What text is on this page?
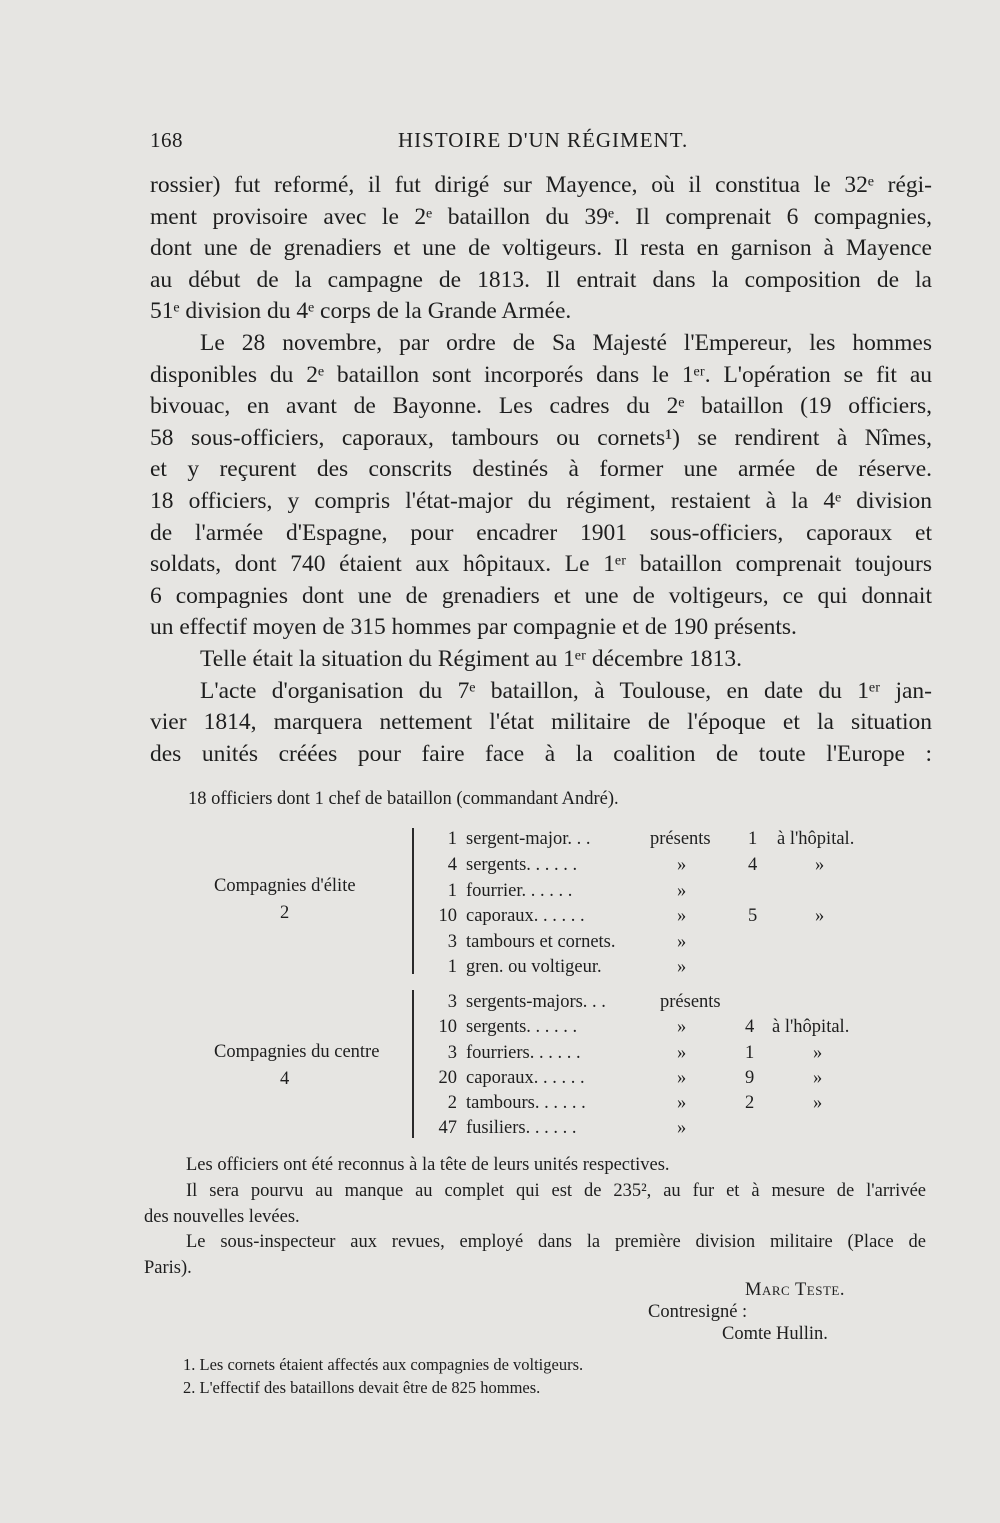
168	HISTOIRE D'UN RÉGIMENT.
rossier) fut reformé, il fut dirigé sur Mayence, où il constitua le 32ᵉ régi-
ment provisoire avec le 2ᵉ bataillon du 39ᵉ. Il comprenait 6 compagnies,
dont une de grenadiers et une de voltigeurs. Il resta en garnison à Mayence
au début de la campagne de 1813. Il entrait dans la composition de la
51ᵉ division du 4ᵉ corps de la Grande Armée.
Le 28 novembre, par ordre de Sa Majesté l'Empereur, les hommes
disponibles du 2ᵉ bataillon sont incorporés dans le 1ᵉʳ. L'opération se fit au
bivouac, en avant de Bayonne. Les cadres du 2ᵉ bataillon (19 officiers,
58 sous-officiers, caporaux, tambours ou cornets¹) se rendirent à Nîmes,
et y reçurent des conscrits destinés à former une armée de réserve.
18 officiers, y compris l'état-major du régiment, restaient à la 4ᵉ division
de l'armée d'Espagne, pour encadrer 1901 sous-officiers, caporaux et
soldats, dont 740 étaient aux hôpitaux. Le 1ᵉʳ bataillon comprenait toujours
6 compagnies dont une de grenadiers et une de voltigeurs, ce qui donnait
un effectif moyen de 315 hommes par compagnie et de 190 présents.
Telle était la situation du Régiment au 1ᵉʳ décembre 1813.
L'acte d'organisation du 7ᵉ bataillon, à Toulouse, en date du 1ᵉʳ jan-
vier 1814, marquera nettement l'état militaire de l'époque et la situation
des unités créées pour faire face à la coalition de toute l'Europe :
18 officiers dont 1 chef de bataillon (commandant André).
Compagnies d'élite
2
1 sergent-major. . .	présents 1 à l'hôpital.
4 sergents. . . . . .	»	4	»
1 fourrier. . . . . .	»
10 caporaux. . . . . .	»	5	»
3 tambours et cornets.	»
1 gren. ou voltigeur.	»
Compagnies du centre
4
3 sergents-majors. . .	présents
10 sergents. . . . . .	»	4 à l'hôpital.
3 fourriers. . . . . .	»	1	»
20 caporaux. . . . . .	»	9	»
2 tambours. . . . . .	»	2	»
47 fusiliers. . . . . .	»
Les officiers ont été reconnus à la tête de leurs unités respectives.
Il sera pourvu au manque au complet qui est de 235², au fur et à mesure de l'arrivée
des nouvelles levées.
Le sous-inspecteur aux revues, employé dans la première division militaire (Place de
Paris).
Marc Teste.
Contresigné :
Comte Hullin.
1. Les cornets étaient affectés aux compagnies de voltigeurs.
2. L'effectif des bataillons devait être de 825 hommes.
